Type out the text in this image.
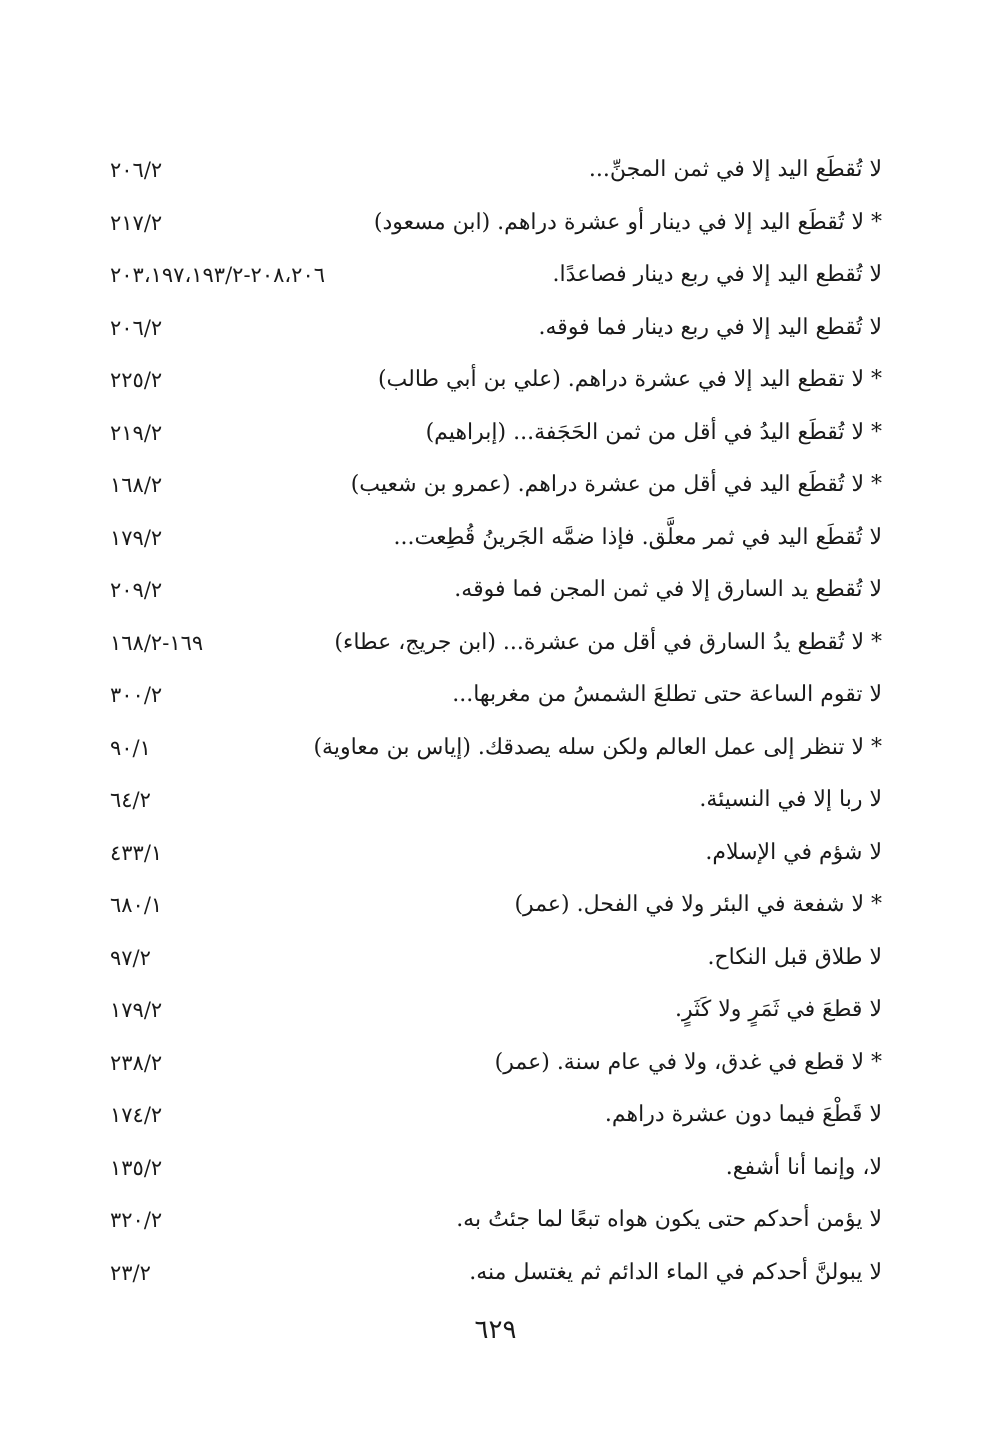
لا تُقطَع اليد إلا في ثمن المجنِّ...
٢٠٦/٢
* لا تُقطَع اليد إلا في دينار أو عشرة دراهم. (ابن مسعود)
٢١٧/٢
لا تُقطع اليد إلا في ربع دينار فصاعدًا.
٢٠٨،٢٠٦-٢٠٣،١٩٧،١٩٣/٢
لا تُقطع اليد إلا في ربع دينار فما فوقه.
٢٠٦/٢
* لا تقطع اليد إلا في عشرة دراهم. (علي بن أبي طالب)
٢٢٥/٢
* لا تُقطَع اليدُ في أقل من ثمن الحَجَفة... (إبراهيم)
٢١٩/٢
* لا تُقطَع اليد في أقل من عشرة دراهم. (عمرو بن شعيب)
١٦٨/٢
لا تُقطَع اليد في ثمر معلَّق. فإذا ضمَّه الجَرينُ قُطِعت...
١٧٩/٢
لا تُقطع يد السارق إلا في ثمن المجن فما فوقه.
٢٠٩/٢
* لا تُقطع يدُ السارق في أقل من عشرة... (ابن جريج، عطاء)
١٦٩-١٦٨/٢
لا تقوم الساعة حتى تطلعَ الشمسُ من مغربها...
٣٠٠/٢
* لا تنظر إلى عمل العالم ولكن سله يصدقك. (إياس بن معاوية)
٩٠/١
لا ربا إلا في النسيئة.
٦٤/٢
لا شؤم في الإسلام.
٤٣٣/١
* لا شفعة في البئر ولا في الفحل. (عمر)
٦٨٠/١
لا طلاق قبل النكاح.
٩٧/٢
لا قطعَ في ثَمَرٍ ولا كَثَرٍ.
١٧٩/٢
* لا قطع في غدق، ولا في عام سنة. (عمر)
٢٣٨/٢
لا قَطْعَ فيما دون عشرة دراهم.
١٧٤/٢
لا، وإنما أنا أشفع.
١٣٥/٢
لا يؤمن أحدكم حتى يكون هواه تبعًا لما جئتُ به.
٣٢٠/٢
لا يبولنَّ أحدكم في الماء الدائم ثم يغتسل منه.
٢٣/٢
٦٢٩
